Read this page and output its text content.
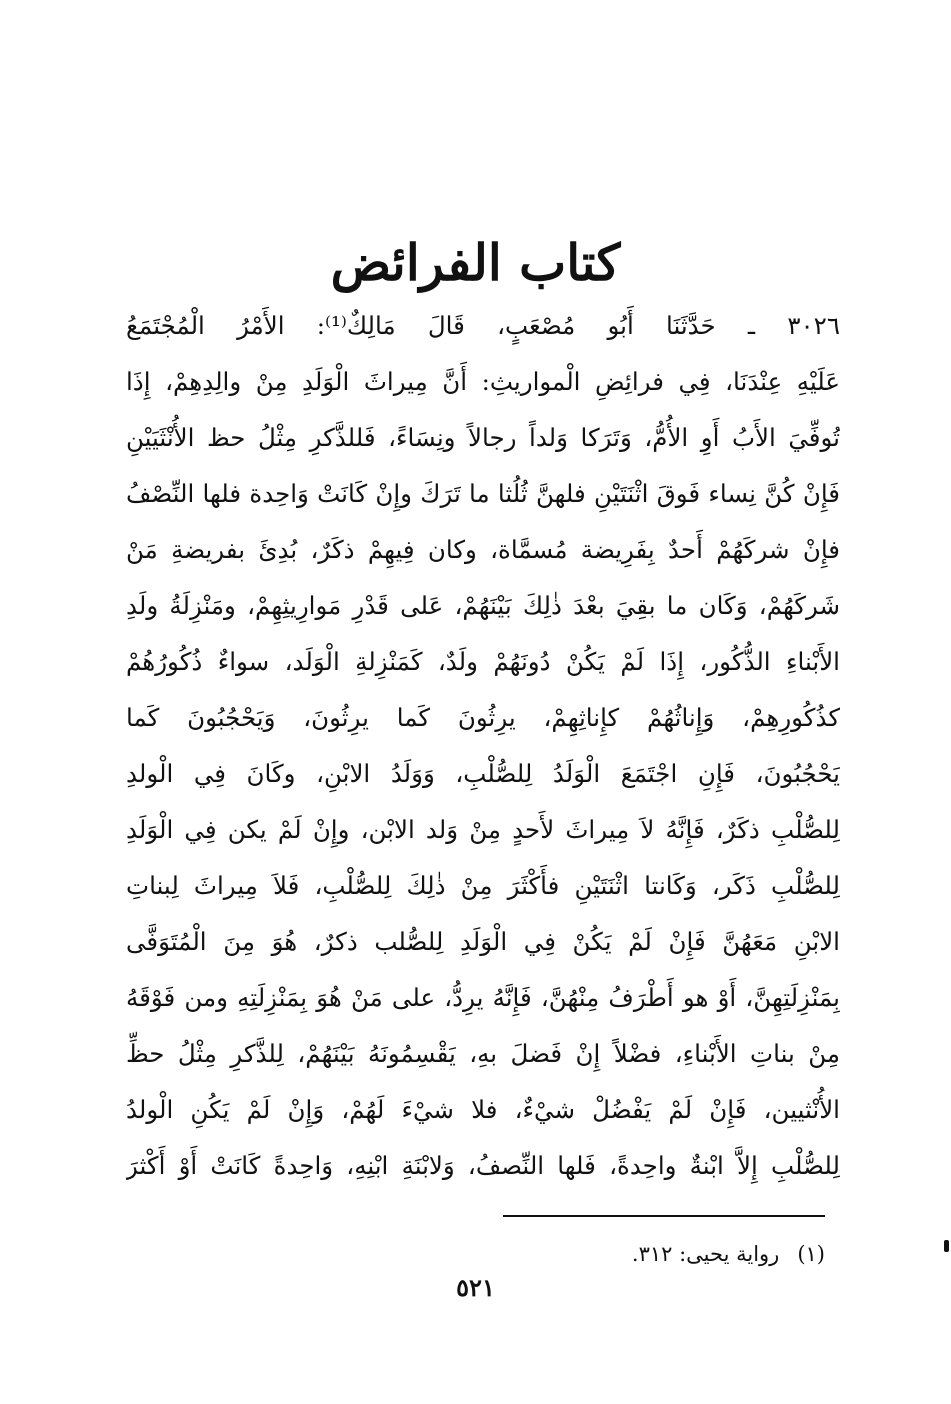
كتاب الفرائض
٣٠٢٦ ـ حَدَّثَنَا أَبُو مُصْعَبٍ، قَالَ مَالِكٌ⁽¹⁾: الأَمْرُ الْمُجْتَمَعُ
عَلَيْهِ عِنْدَنَا، فِي فرائِضِ الْمواريثِ: أَنَّ مِيراثَ الْوَلَدِ مِنْ والِدِهِمْ، إِذَا
تُوفِّيَ الأَبُ أَوِ الأُمُّ، وَتَرَكا وَلداً رجالاً ونِسَاءً، فَللذَّكرِ مِثْلُ حظ الأُنْثَيَيْنِ
فَإِنْ كُنَّ نِساء فَوقَ اثْنَتَيْنِ فلهنَّ ثُلُثا ما تَرَكَ وإِنْ كَانَتْ وَاحِدة فلها النِّصْفُ
فإِنْ شركَهُمْ أَحدٌ بِفَرِيضة مُسمَّاة، وكان فِيهِمْ ذكَرٌ، بُدِئَ بفريضةِ مَنْ
شَركَهُمْ، وَكَان ما بقِيَ بعْدَ ذٰلِكَ بَيْنَهُمْ، عَلى قَدْرِ مَوارِيثِهِمْ، ومَنْزِلَةُ ولَدِ
الأَبْناءِ الذُّكُور، إِذَا لَمْ يَكُنْ دُونَهُمْ ولَدٌ، كَمَنْزِلةِ الْوَلَد، سواءٌ ذُكُورُهُمْ
كذُكُورِهِمْ، وَإِناثُهُمْ كإِناثِهِمْ، يرِثُونَ كَما يرِثُونَ، وَيَحْجُبُونَ كَما
يَحْجُبُونَ، فَإِنِ اجْتَمَعَ الْوَلَدُ لِلصُّلْبِ، وَوَلَدُ الابْنِ، وكَانَ فِي الْولدِ
لِلصُّلْبِ ذكَرٌ، فَإِنَّهُ لاَ مِيراثَ لأَحدٍ مِنْ وَلد الابْن، وإِنْ لَمْ يكن فِي الْوَلَدِ
لِلصُّلْبِ ذَكَر، وَكَانتا اثْنَتَيْنِ فأَكْثَرَ مِنْ ذٰلِكَ لِلصُّلْبِ، فَلاَ مِيراثَ لِبناتِ
الابْنِ مَعَهُنَّ فَإِنْ لَمْ يَكُنْ فِي الْوَلَدِ لِلصُّلب ذكرٌ، هُوَ مِنَ الْمُتَوَفَّى
بِمَنْزِلَتِهِنَّ، أَوْ هو أَطْرَفُ مِنْهُنَّ، فَإِنَّهُ يرِدُّ، على مَنْ هُوَ بِمَنْزِلَتِهِ ومن فَوْقَهُ
مِنْ بناتِ الأَبْناءِ، فضْلاً إِنْ فَضلَ بهِ، يَقْسِمُونَهُ بَيْنَهُمْ، لِلذَّكرِ مِثْلُ حظِّ
الأُنْثيين، فَإِنْ لَمْ يَفْضُلْ شيْءٌ، فلا شيْءَ لَهُمْ، وَإِنْ لَمْ يَكُنِ الْولدُ
لِلصُّلْبِ إِلاَّ ابْنةٌ واحِدةً، فَلها النِّصفُ، وَلابْنَةِ ابْنِهِ، وَاحِدةً كَانَتْ أَوْ أَكْثرَ
(١)رواية يحيى: ٣١٢.
٥٢١
